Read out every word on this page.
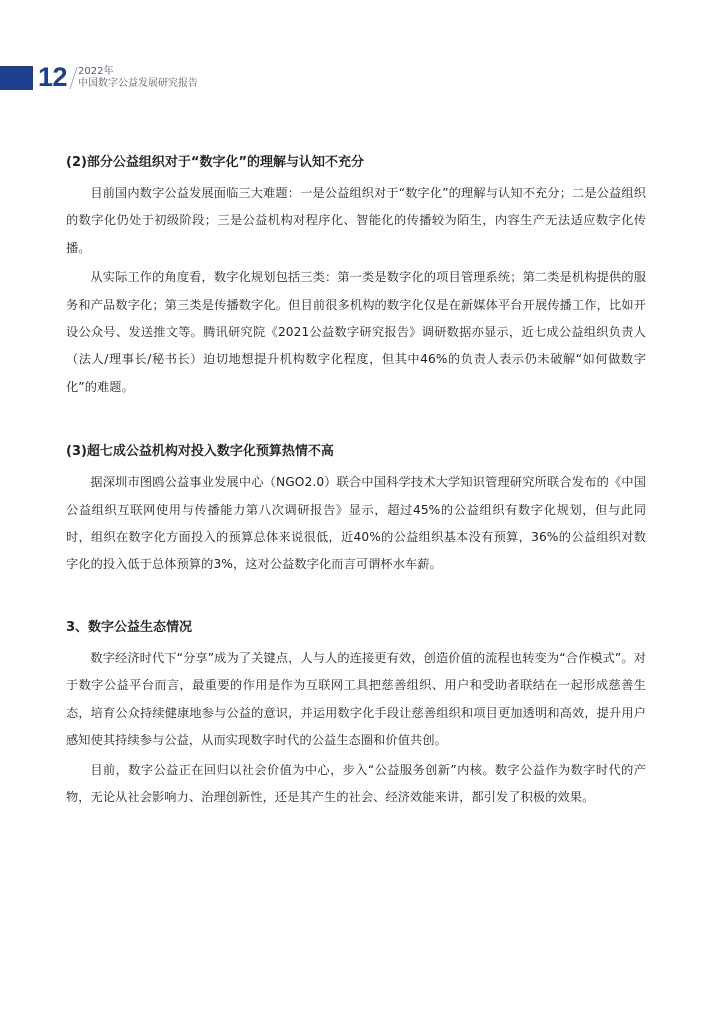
12 2022年
中国数字公益发展研究报告
(2)部分公益组织对于“数字化”的理解与认知不充分

目前国内数字公益发展面临三大难题：一是公益组织对于“数字化”的理解与认知不充分；二是公益组织的数字化仍处于初级阶段；三是公益机构对程序化、智能化的传播较为陌生，内容生产无法适应数字化传播。

从实际工作的角度看，数字化规划包括三类：第一类是数字化的项目管理系统；第二类是机构提供的服务和产品数字化；第三类是传播数字化。但目前很多机构的数字化仅是在新媒体平台开展传播工作，比如开设公众号、发送推文等。腾讯研究院《2021公益数字研究报告》调研数据亦显示，近七成公益组织负责人（法人/理事长/秘书长）迫切地想提升机构数字化程度，但其中46%的负责人表示仍未破解“如何做数字化”的难题。

(3)超七成公益机构对投入数字化预算热情不高

据深圳市图鸥公益事业发展中心（NGO2.0）联合中国科学技术大学知识管理研究所联合发布的《中国公益组织互联网使用与传播能力第八次调研报告》显示，超过45%的公益组织有数字化规划，但与此同时，组织在数字化方面投入的预算总体来说很低，近40%的公益组织基本没有预算，36%的公益组织对数字化的投入低于总体预算的3%，这对公益数字化而言可谓杯水车薪。

3、数字公益生态情况

数字经济时代下“分享”成为了关键点，人与人的连接更有效，创造价值的流程也转变为“合作模式”。对于数字公益平台而言，最重要的作用是作为互联网工具把慈善组织、用户和受助者联结在一起形成慈善生态，培育公众持续健康地参与公益的意识，并运用数字化手段让慈善组织和项目更加透明和高效，提升用户感知使其持续参与公益，从而实现数字时代的公益生态圈和价值共创。

目前，数字公益正在回归以社会价值为中心，步入“公益服务创新”内核。数字公益作为数字时代的产物，无论从社会影响力、治理创新性，还是其产生的社会、经济效能来讲，都引发了积极的效果。
